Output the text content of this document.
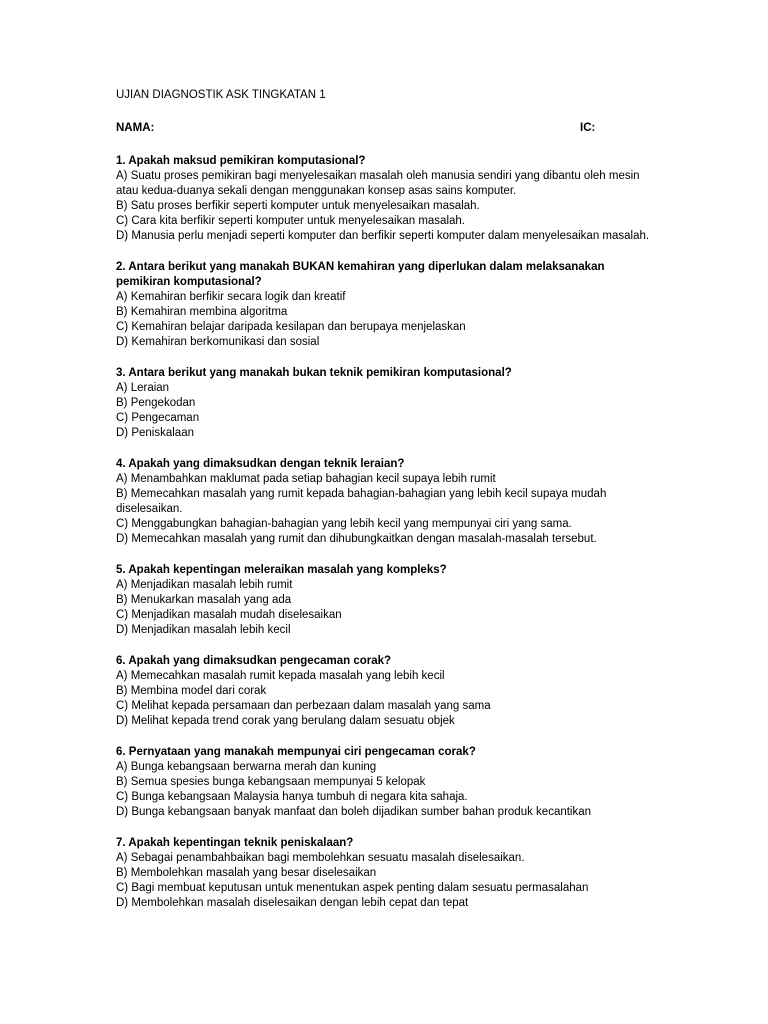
UJIAN DIAGNOSTIK ASK TINGKATAN 1
NAMA:	IC:
1. Apakah maksud pemikiran komputasional?
A) Suatu proses pemikiran bagi menyelesaikan masalah oleh manusia sendiri yang dibantu oleh mesin atau kedua-duanya sekali dengan menggunakan konsep asas sains komputer.
B) Satu proses berfikir seperti komputer untuk menyelesaikan masalah.
C) Cara kita berfikir seperti komputer untuk menyelesaikan masalah.
D) Manusia perlu menjadi seperti komputer dan berfikir seperti komputer dalam menyelesaikan masalah.
2. Antara berikut yang manakah BUKAN kemahiran yang diperlukan dalam melaksanakan pemikiran komputasional?
A) Kemahiran berfikir secara logik dan kreatif
B) Kemahiran membina algoritma
C) Kemahiran belajar daripada kesilapan dan berupaya menjelaskan
D) Kemahiran berkomunikasi dan sosial
3. Antara berikut yang manakah bukan teknik pemikiran komputasional?
A) Leraian
B) Pengekodan
C) Pengecaman
D) Peniskalaan
4. Apakah yang dimaksudkan dengan teknik leraian?
A) Menambahkan maklumat pada setiap bahagian kecil supaya lebih rumit
B) Memecahkan masalah yang rumit kepada bahagian-bahagian yang lebih kecil supaya mudah diselesaikan.
C) Menggabungkan bahagian-bahagian yang lebih kecil yang mempunyai ciri yang sama.
D) Memecahkan masalah yang rumit dan dihubungkaitkan dengan masalah-masalah tersebut.
5. Apakah kepentingan meleraikan masalah yang kompleks?
A) Menjadikan masalah lebih rumit
B) Menukarkan masalah yang ada
C) Menjadikan masalah mudah diselesaikan
D) Menjadikan masalah lebih kecil
6. Apakah yang dimaksudkan pengecaman corak?
A) Memecahkan masalah rumit kepada masalah yang lebih kecil
B) Membina model dari corak
C) Melihat kepada persamaan dan perbezaan dalam masalah yang sama
D) Melihat kepada trend corak yang berulang dalam sesuatu objek
6. Pernyataan yang manakah mempunyai ciri pengecaman corak?
A) Bunga kebangsaan berwarna merah dan kuning
B) Semua spesies bunga kebangsaan mempunyai 5 kelopak
C) Bunga kebangsaan Malaysia hanya tumbuh di negara kita sahaja.
D) Bunga kebangsaan banyak manfaat dan boleh dijadikan sumber bahan produk kecantikan
7. Apakah kepentingan teknik peniskalaan?
A) Sebagai penambahbaikan bagi membolehkan sesuatu masalah diselesaikan.
B) Membolehkan masalah yang besar diselesaikan
C) Bagi membuat keputusan untuk menentukan aspek penting dalam sesuatu permasalahan
D) Membolehkan masalah diselesaikan dengan lebih cepat dan tepat
